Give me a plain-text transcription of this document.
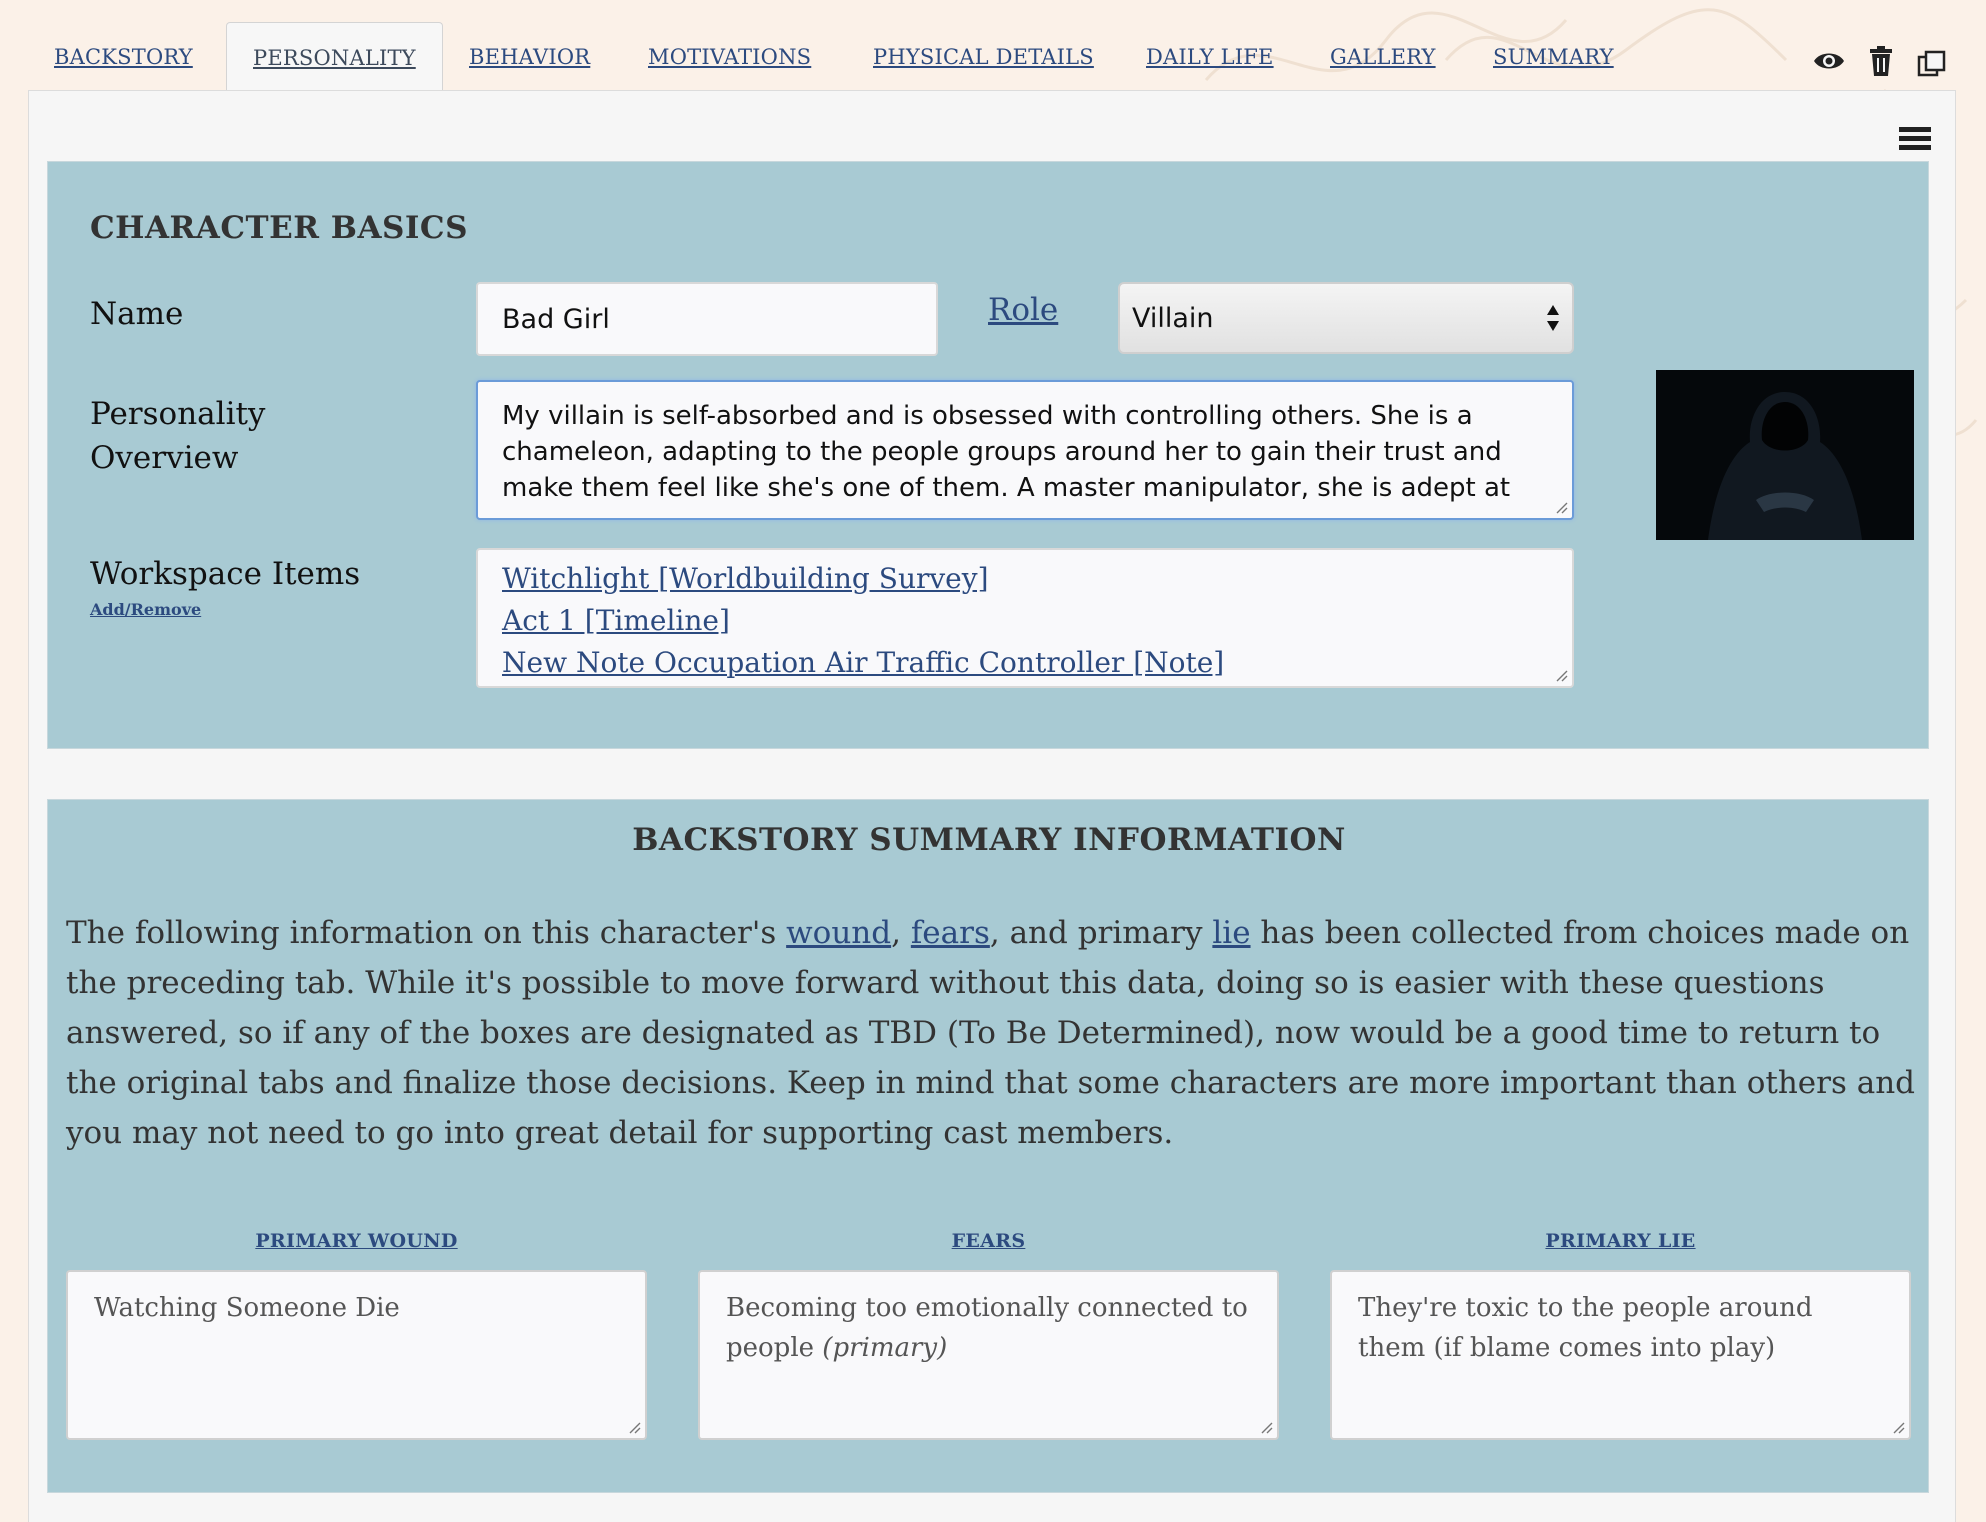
BACKSTORY	PERSONALITY	BEHAVIOR	MOTIVATIONS	PHYSICAL DETAILS DAILY LIFE	GALLERY	SUMMARY
CHARACTER BASICS
Name	Bad Girl	Role	Villain
Personality Overview
My villain is self-absorbed and is obsessed with controlling others. She is a chameleon, adapting to the people groups around her to gain their trust and make them feel like she's one of them. A master manipulator, she is adept at
Workspace Items
Add/Remove
Witchlight [Worldbuilding Survey]
Act 1 [Timeline]
New Note Occupation Air Traffic Controller [Note]
BACKSTORY SUMMARY INFORMATION

The following information on this character's wound, fears, and primary lie has been collected from choices made on the preceding tab. While it's possible to move forward without this data, doing so is easier with these questions answered, so if any of the boxes are designated as TBD (To Be Determined), now would be a good time to return to the original tabs and finalize those decisions. Keep in mind that some characters are more important than others and you may not need to go into great detail for supporting cast members.

PRIMARY WOUND
Watching Someone Die
FEARS
Becoming too emotionally connected to people (primary)
PRIMARY LIE
They're toxic to the people around them (if blame comes into play)
